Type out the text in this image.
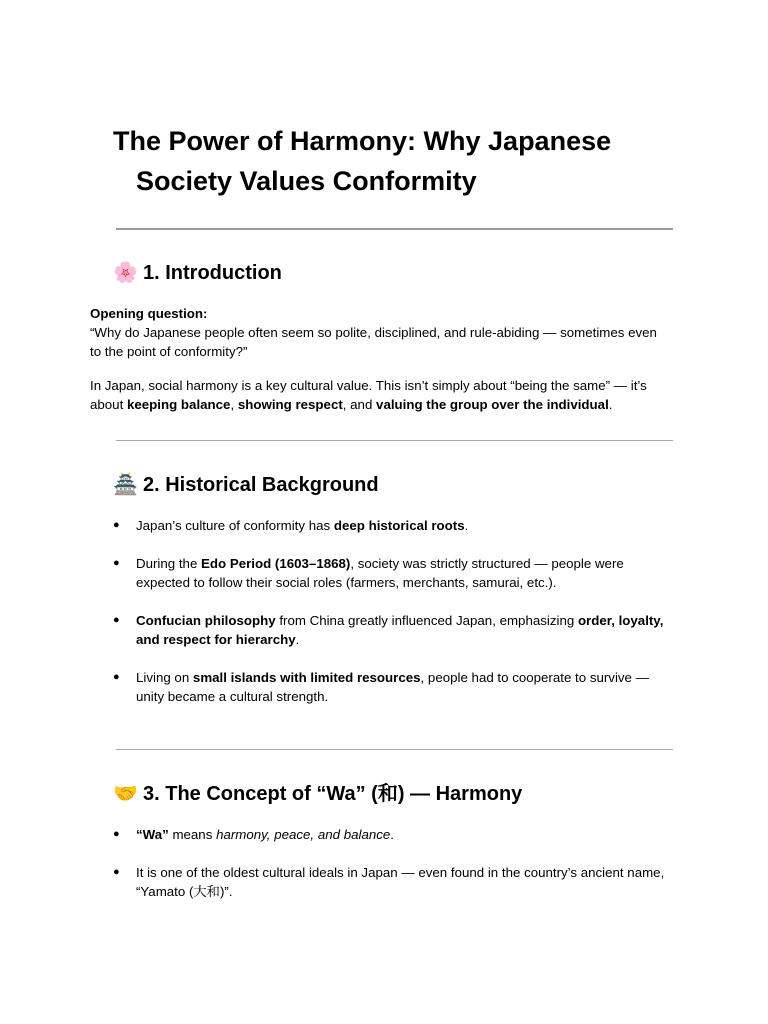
The Power of Harmony: Why Japanese
Society Values Conformity
🌸 1. Introduction

Opening question:
“Why do Japanese people often seem so polite, disciplined, and rule-abiding — sometimes even to the point of conformity?”

In Japan, social harmony is a key cultural value. This isn’t simply about “being the same” — it’s about keeping balance, showing respect, and valuing the group over the individual.

🏯 2. Historical Background
● Japan’s culture of conformity has deep historical roots.
● During the Edo Period (1603–1868), society was strictly structured — people were expected to follow their social roles (farmers, merchants, samurai, etc.).
● Confucian philosophy from China greatly influenced Japan, emphasizing order, loyalty, and respect for hierarchy.
● Living on small islands with limited resources, people had to cooperate to survive — unity became a cultural strength.
🤝 3. The Concept of “Wa” (和) — Harmony
● “Wa” means harmony, peace, and balance.
● It is one of the oldest cultural ideals in Japan — even found in the country’s ancient name, “Yamato (大和)”.
